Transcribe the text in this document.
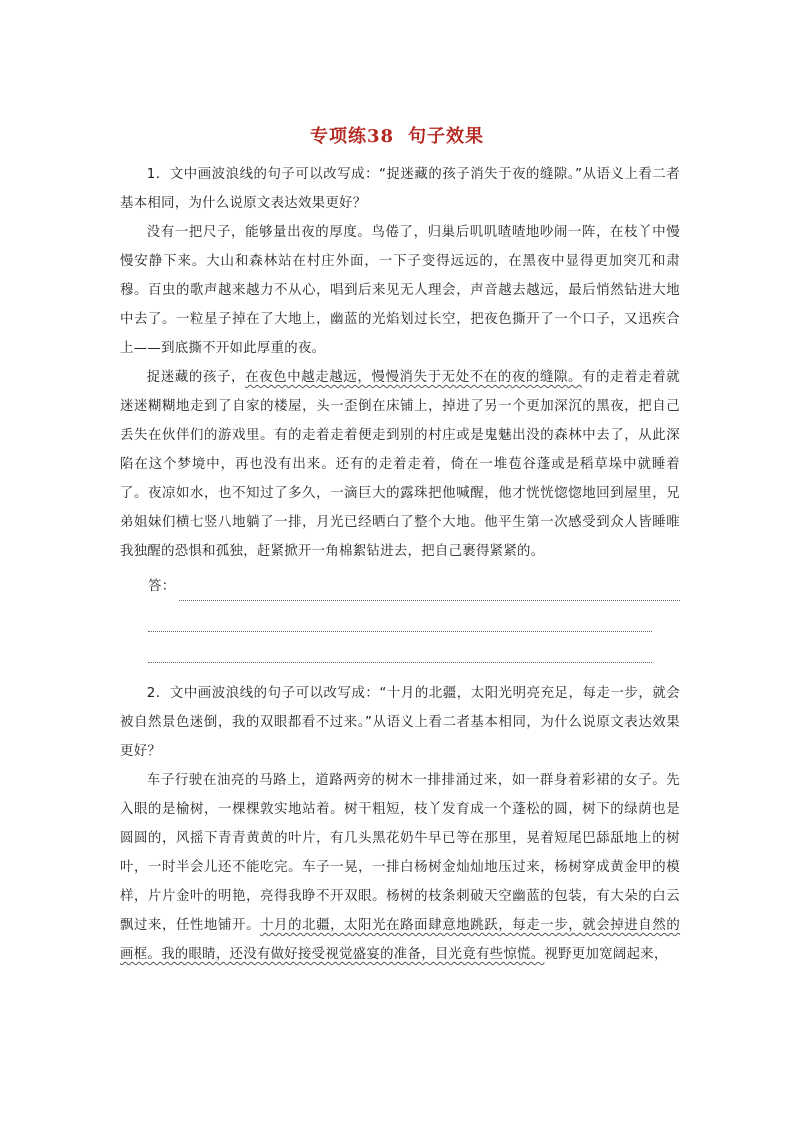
专项练38 句子效果

1．文中画波浪线的句子可以改写成：“捉迷藏的孩子消失于夜的缝隙。”从语义上看二者基本相同，为什么说原文表达效果更好？

没有一把尺子，能够量出夜的厚度。鸟倦了，归巢后叽叽喳喳地吵闹一阵，在枝丫中慢慢安静下来。大山和森林站在村庄外面，一下子变得远远的，在黑夜中显得更加突兀和肃穆。百虫的歌声越来越力不从心，唱到后来见无人理会，声音越去越远，最后悄然钻进大地中去了。一粒星子掉在了大地上，幽蓝的光焰划过长空，把夜色撕开了一个口子，又迅疾合上——到底撕不开如此厚重的夜。

捉迷藏的孩子，在夜色中越走越远，慢慢消失于无处不在的夜的缝隙。有的走着走着就迷迷糊糊地走到了自家的楼屋，头一歪倒在床铺上，掉进了另一个更加深沉的黑夜，把自己丢失在伙伴们的游戏里。有的走着走着便走到别的村庄或是鬼魅出没的森林中去了，从此深陷在这个梦境中，再也没有出来。还有的走着走着，倚在一堆苞谷蓬或是稻草垛中就睡着了。夜凉如水，也不知过了多久，一滴巨大的露珠把他喊醒，他才恍恍惚惚地回到屋里，兄弟姐妹们横七竖八地躺了一排，月光已经晒白了整个大地。他平生第一次感受到众人皆睡唯我独醒的恐惧和孤独，赶紧掀开一角棉絮钻进去，把自己裹得紧紧的。

答：

2．文中画波浪线的句子可以改写成：“十月的北疆，太阳光明亮充足，每走一步，就会被自然景色迷倒，我的双眼都看不过来。”从语义上看二者基本相同，为什么说原文表达效果更好？

车子行驶在油亮的马路上，道路两旁的树木一排排涌过来，如一群身着彩裙的女子。先入眼的是榆树，一棵棵敦实地站着。树干粗短，枝丫发育成一个蓬松的圆，树下的绿荫也是圆圆的，风摇下青青黄黄的叶片，有几头黑花奶牛早已等在那里，晃着短尾巴舔舐地上的树叶，一时半会儿还不能吃完。车子一晃，一排白杨树金灿灿地压过来，杨树穿成黄金甲的模样，片片金叶的明艳，亮得我睁不开双眼。杨树的枝条刺破天空幽蓝的包装，有大朵的白云飘过来，任性地铺开。十月的北疆，太阳光在路面肆意地跳跃，每走一步，就会掉进自然的画框。我的眼睛，还没有做好接受视觉盛宴的准备，目光竟有些惊慌。视野更加宽阔起来，
